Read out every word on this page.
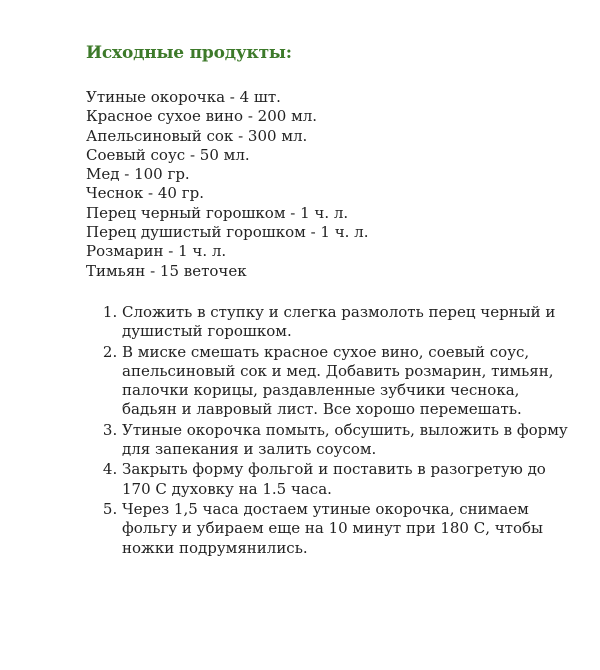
Исходные продукты:
Утиные окорочка - 4 шт.
Красное сухое вино - 200 мл.
Апельсиновый сок - 300 мл.
Соевый соус - 50 мл.
Мед - 100 гр.
Чеснок - 40 гр.
Перец черный горошком - 1 ч. л.
Перец душистый горошком - 1 ч. л.
Розмарин - 1 ч. л.
Тимьян - 15 веточек
1. Сложить в ступку и слегка размолоть перец черный и душистый горошком.
2. В миске смешать красное сухое вино, соевый соус, апельсиновый сок и мед. Добавить розмарин, тимьян, палочки корицы, раздавленные зубчики чеснока, бадьян и лавровый лист. Все хорошо перемешать.
3. Утиные окорочка помыть, обсушить, выложить в форму для запекания и залить соусом.
4. Закрыть форму фольгой и поставить в разогретую до 170 С духовку на 1.5 часа.
5. Через 1,5 часа достаем утиные окорочка, снимаем фольгу и убираем еще на 10 минут при 180 С, чтобы ножки подрумянились.
